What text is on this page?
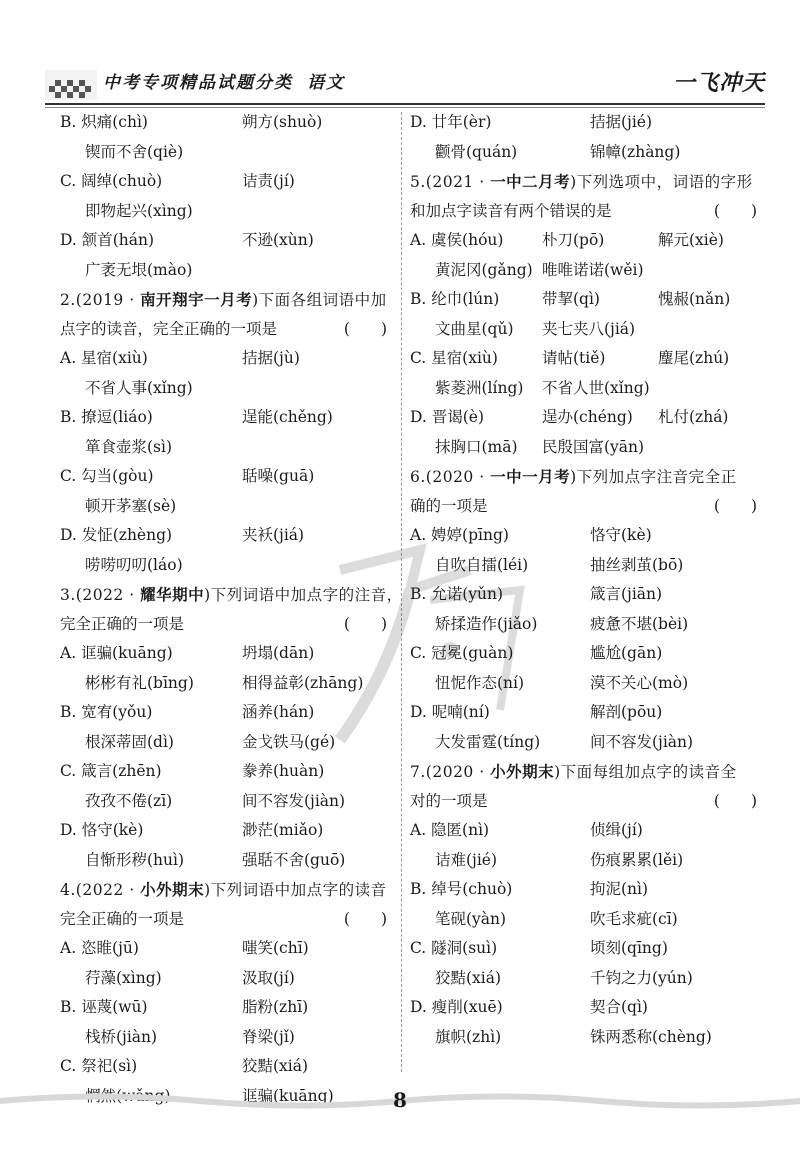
中考专项精品试题分类 语文	一飞冲天
B. 炽痛(chì)	朔方(shuò)
锲而不舍(qiè)
C. 阔绰(chuò)	诘责(jí)
即物起兴(xìng)
D. 颔首(hán)	不逊(xùn)
广袤无垠(mào)
2.(2019 · 南开翔宇一月考)下面各组词语中加
点字的读音，完全正确的一项是	(　　)
A. 星宿(xiù)	拮据(jù)
不省人事(xǐng)
B. 撩逗(liáo)	逞能(chěng)
箪食壶浆(sì)
C. 勾当(gòu)	聒噪(guā)
顿开茅塞(sè)
D. 发怔(zhèng)	夹袄(jiá)
唠唠叨叨(láo)
3.(2022 · 耀华期中)下列词语中加点字的注音，
完全正确的一项是	(　　)
A. 诓骗(kuāng)	坍塌(dān)
彬彬有礼(bīng)	相得益彰(zhāng)
B. 宽宥(yǒu)	涵养(hán)
根深蒂固(dì)	金戈铁马(gé)
C. 箴言(zhēn)	豢养(huàn)
孜孜不倦(zī)	间不容发(jiàn)
D. 恪守(kè)	渺茫(miǎo)
自惭形秽(huì)	强聒不舍(guō)
4.(2022 · 小外期末)下列词语中加点字的读音
完全正确的一项是	(　　)
A. 恣睢(jū)	嗤笑(chī)
荇藻(xìng)	汲取(jí)
B. 诬蔑(wū)	脂粉(zhī)
栈桥(jiàn)	脊梁(jǐ)
C. 祭祀(sì)	狡黠(xiá)
惘然(wǎng)	诓骗(kuāng)
D. 廿年(èr)	拮据(jié)
颧骨(quán)	锦幛(zhàng)
5.(2021 · 一中二月考)下列选项中，词语的字形
和加点字读音有两个错误的是	(　　)
A. 虞侯(hóu) 朴刀(pō)	解元(xiè)
黄泥冈(gǎng) 唯唯诺诺(wěi)
B. 纶巾(lún)	带挈(qì)	愧赧(nǎn)
文曲星(qǔ) 夹七夹八(jiá)
C. 星宿(xiù)	请帖(tiě)	麈尾(zhú)
紫菱洲(líng) 不省人世(xǐng)
D. 晋谒(è)	逞办(chéng) 札付(zhá)
抹胸口(mā) 民殷国富(yān)
6.(2020 · 一中一月考)下列加点字注音完全正
确的一项是	(　　)
A. 娉婷(pīng)	恪守(kè)
自吹自擂(léi)	抽丝剥茧(bō)
B. 允诺(yǔn)	箴言(jiān)
矫揉造作(jiǎo)	疲惫不堪(bèi)
C. 冠冕(guàn)	尴尬(gān)
忸怩作态(ní)	漠不关心(mò)
D. 呢喃(ní)	解剖(pōu)
大发雷霆(tíng)	间不容发(jiàn)
7.(2020 · 小外期末)下面每组加点字的读音全
对的一项是	(　　)
A. 隐匿(nì)	侦缉(jí)
诘难(jié)	伤痕累累(lěi)
B. 绰号(chuò)	拘泥(nì)
笔砚(yàn)	吹毛求疵(cī)
C. 隧洞(suì)	顷刻(qīng)
狡黠(xiá)	千钧之力(yún)
D. 瘦削(xuē)	契合(qì)
旗帜(zhì)	铢两悉称(chèng)
8
